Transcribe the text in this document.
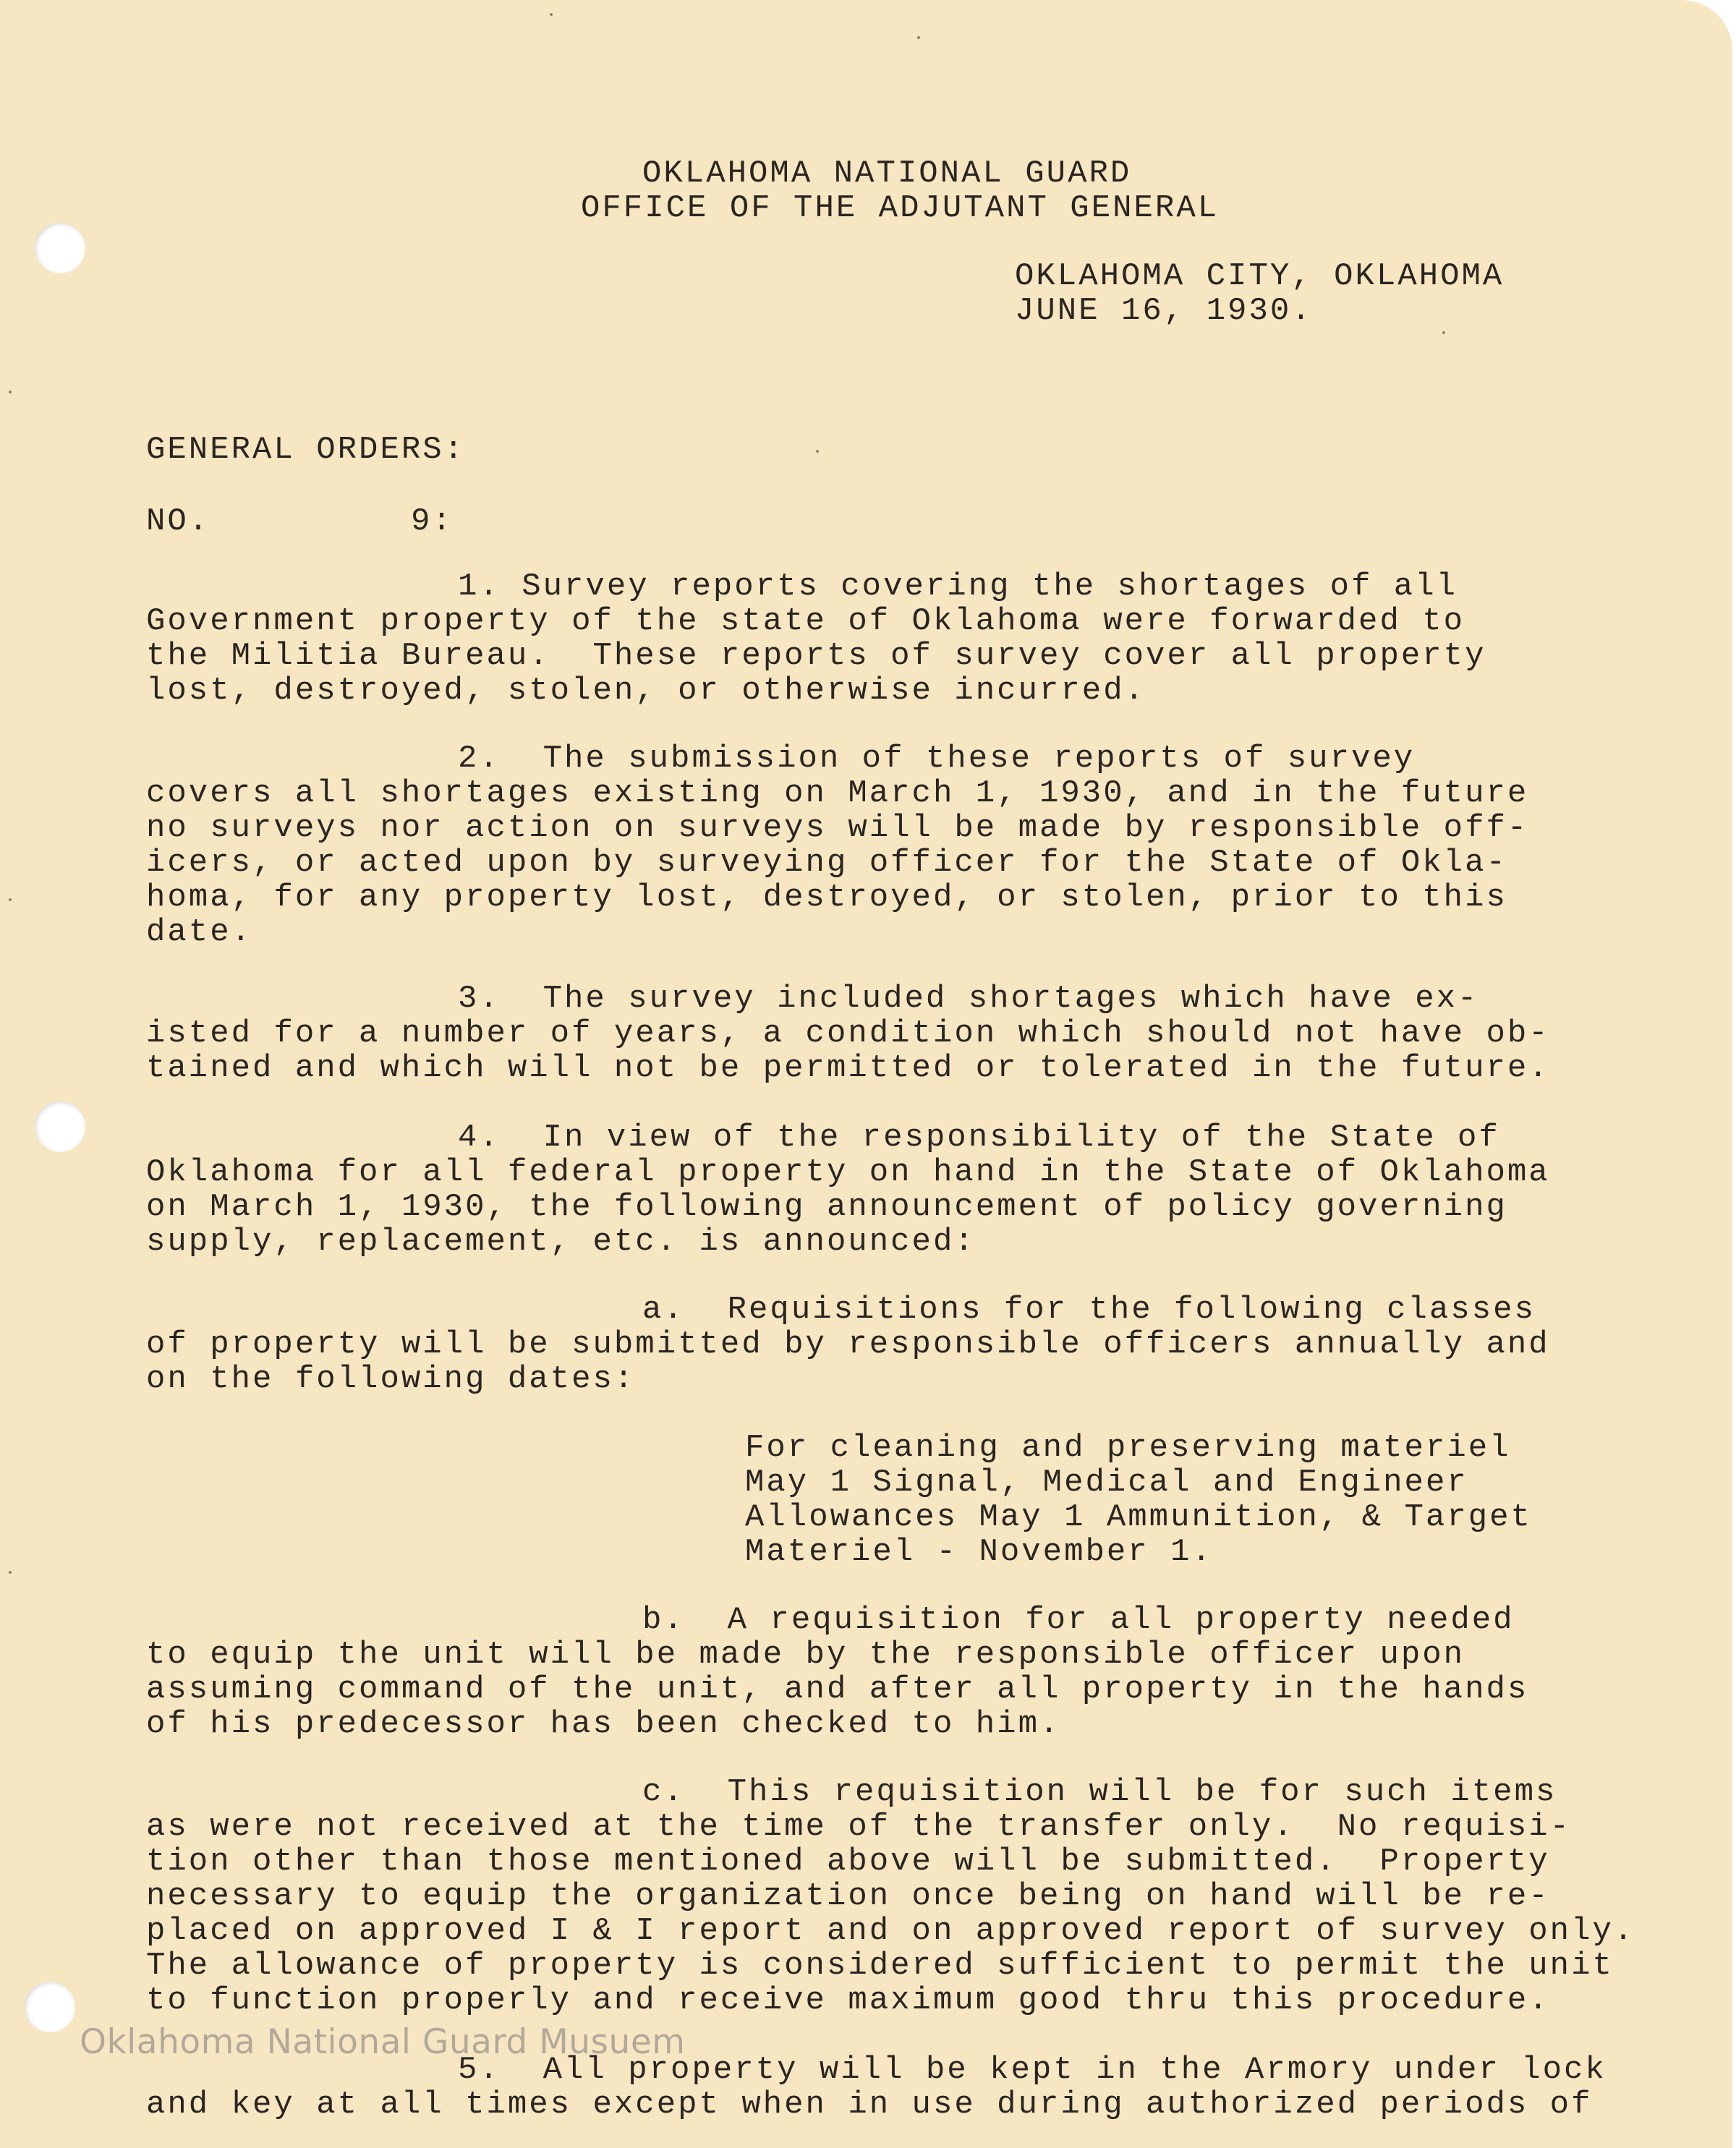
OKLAHOMA NATIONAL GUARD
OFFICE OF THE ADJUTANT GENERAL
OKLAHOMA CITY, OKLAHOMA
JUNE 16, 1930.
GENERAL ORDERS:
NO.	9:
1. Survey reports covering the shortages of all
Government property of the state of Oklahoma were forwarded to
the Militia Bureau.  These reports of survey cover all property
lost, destroyed, stolen, or otherwise incurred.
2.  The submission of these reports of survey
covers all shortages existing on March 1, 1930, and in the future
no surveys nor action on surveys will be made by responsible off-
icers, or acted upon by surveying officer for the State of Okla-
homa, for any property lost, destroyed, or stolen, prior to this
date.
3.  The survey included shortages which have ex-
isted for a number of years, a condition which should not have ob-
tained and which will not be permitted or tolerated in the future.
4.  In view of the responsibility of the State of
Oklahoma for all federal property on hand in the State of Oklahoma
on March 1, 1930, the following announcement of policy governing
supply, replacement, etc. is announced:
a.  Requisitions for the following classes
of property will be submitted by responsible officers annually and
on the following dates:
For cleaning and preserving materiel
May 1 Signal, Medical and Engineer
Allowances May 1 Ammunition, & Target
Materiel - November 1.
b.  A requisition for all property needed
to equip the unit will be made by the responsible officer upon
assuming command of the unit, and after all property in the hands
of his predecessor has been checked to him.
c.  This requisition will be for such items
as were not received at the time of the transfer only.  No requisi-
tion other than those mentioned above will be submitted.  Property
necessary to equip the organization once being on hand will be re-
placed on approved I & I report and on approved report of survey only.
The allowance of property is considered sufficient to permit the unit
to function properly and receive maximum good thru this procedure.
Oklahoma National Guard Musuem
5.  All property will be kept in the Armory under lock
and key at all times except when in use during authorized periods of
